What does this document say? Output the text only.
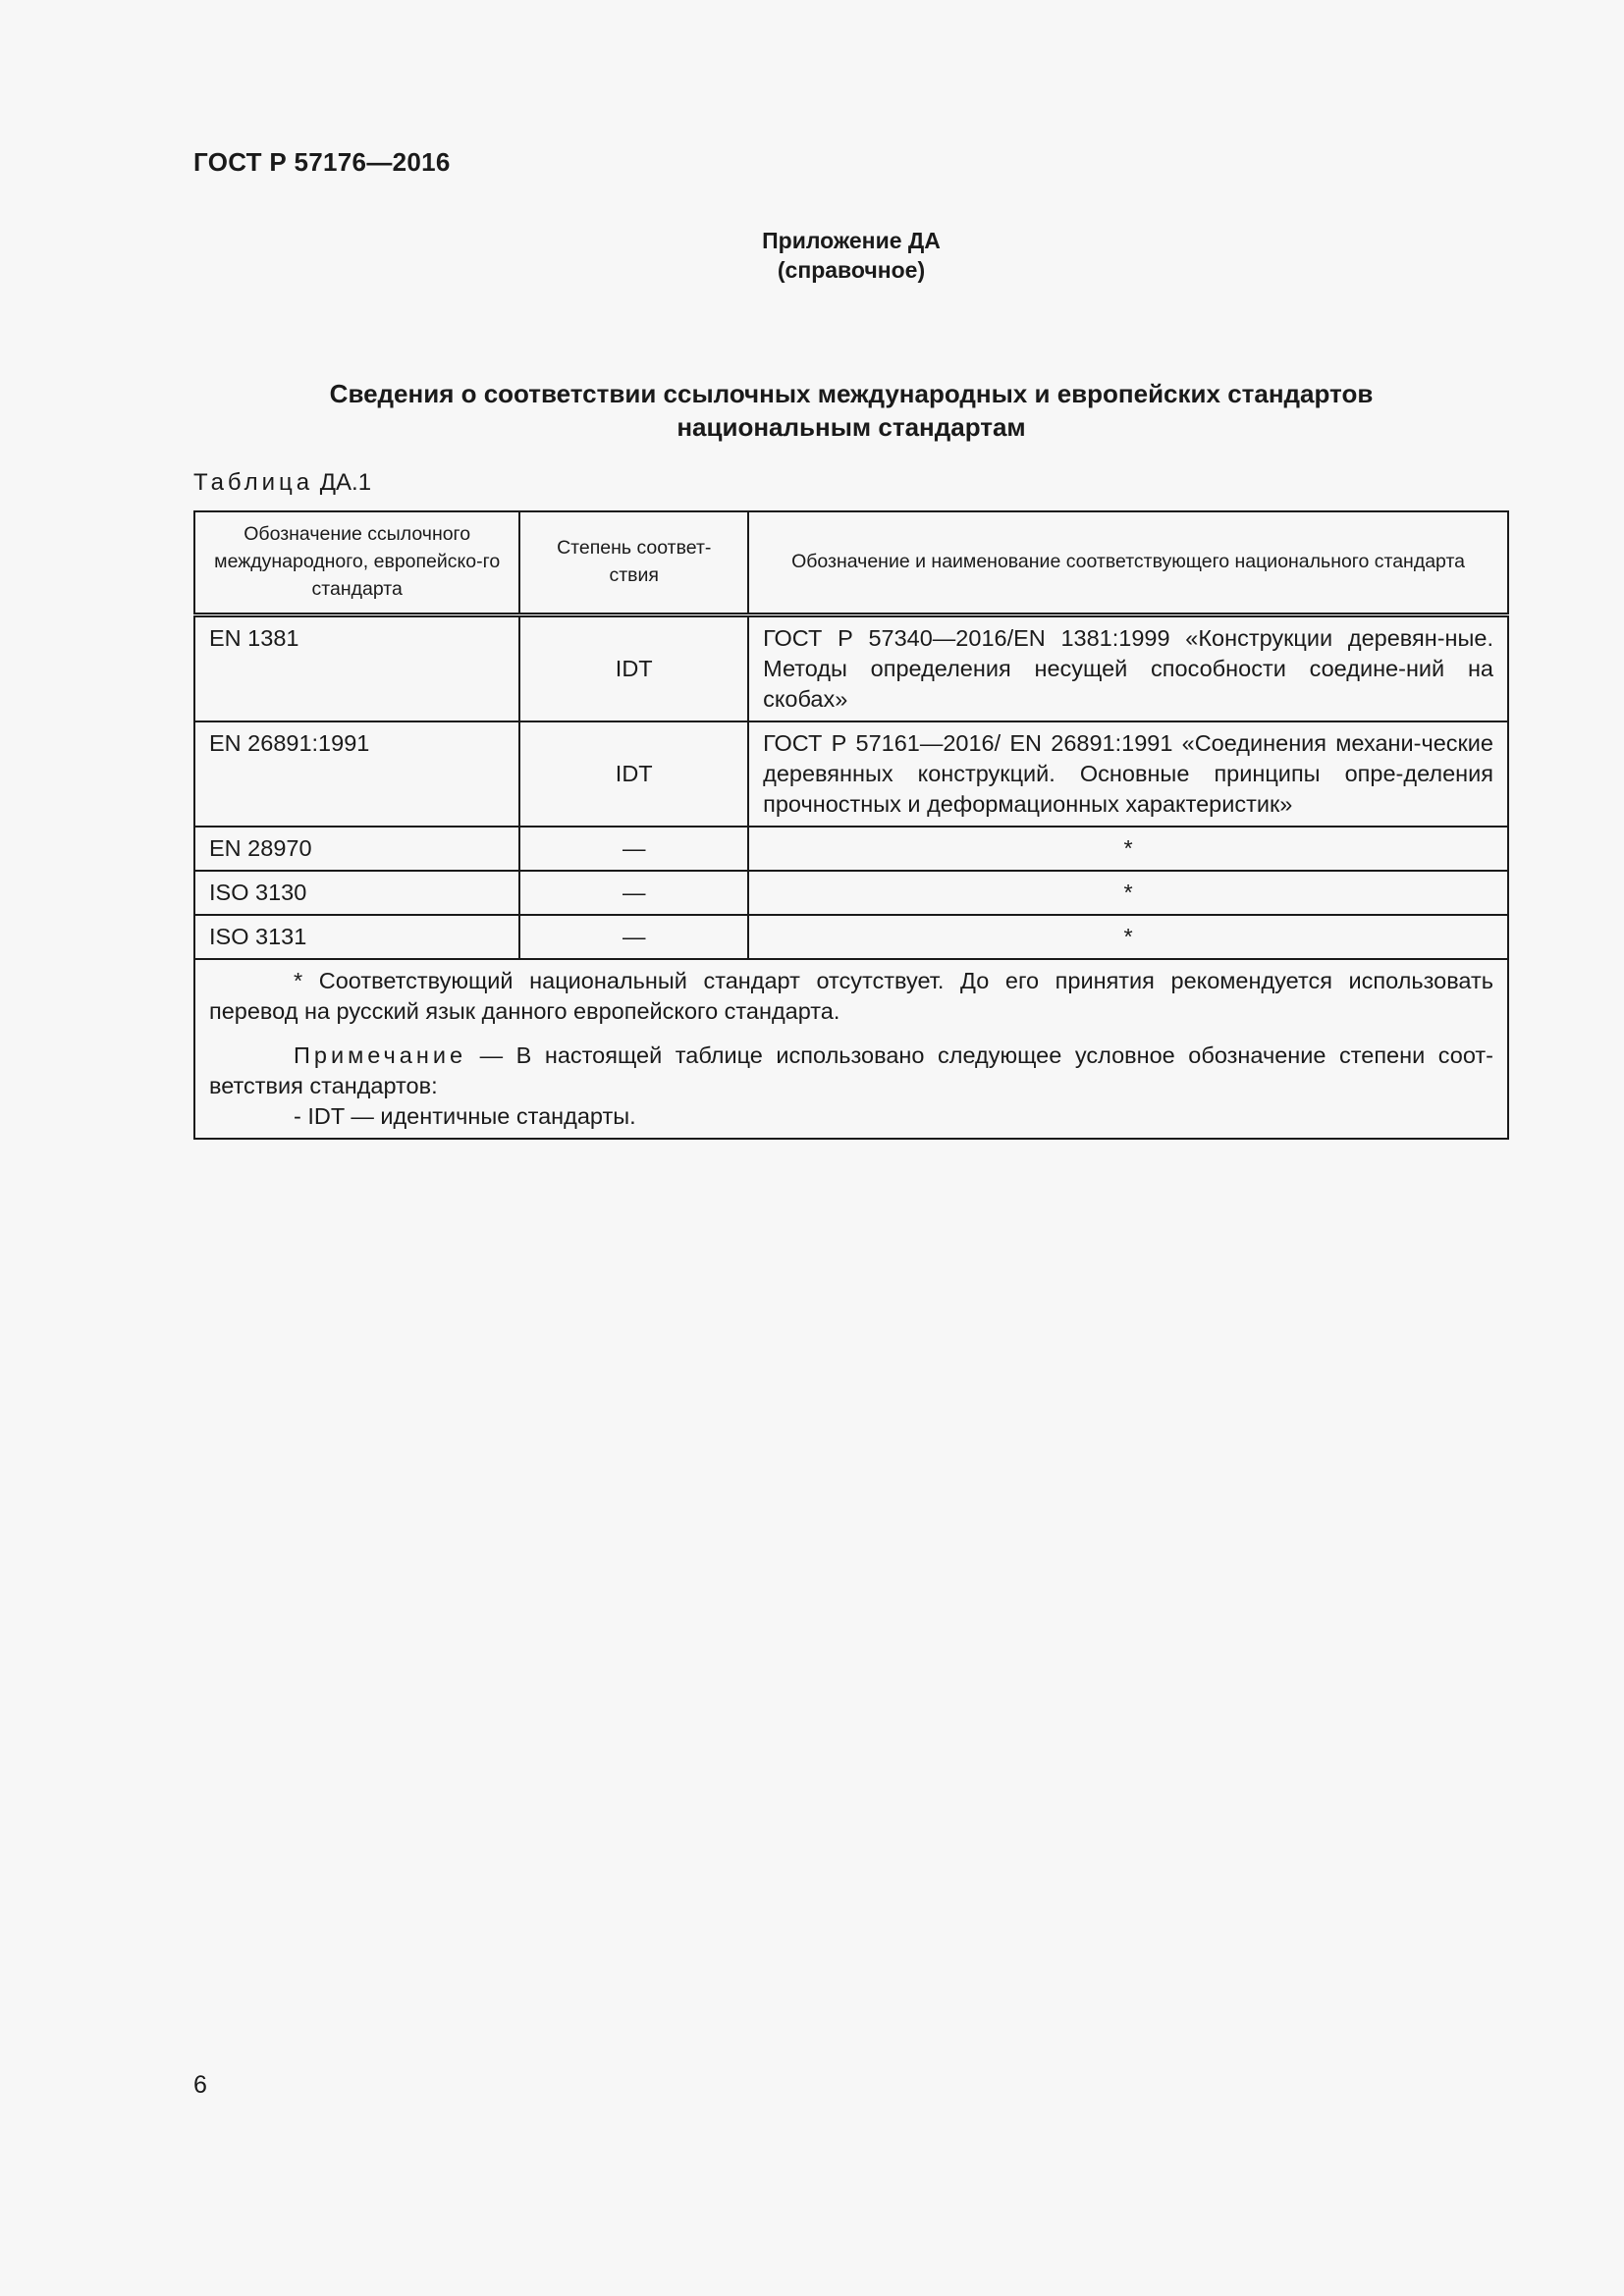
ГОСТ Р 57176—2016
Приложение ДА
(справочное)
Сведения о соответствии ссылочных международных и европейских стандартов
национальным стандартам
Таблица ДА.1
Обозначение ссылочного международного, европейско-го стандарта	Степень соответ-ствия	Обозначение и наименование соответствующего национального стандарта
EN 1381	IDT	ГОСТ Р 57340—2016/EN 1381:1999 «Конструкции деревян-ные. Методы определения несущей способности соедине-ний на скобах»
EN 26891:1991	IDT	ГОСТ Р 57161—2016/ EN 26891:1991 «Соединения механи-ческие деревянных конструкций. Основные принципы опре-деления прочностных и деформационных характеристик»
EN 28970	—	*
ISO 3130	—	*
ISO 3131	—	*

* Соответствующий национальный стандарт отсутствует. До его принятия рекомендуется использовать перевод на русский язык данного европейского стандарта.

Примечание — В настоящей таблице использовано следующее условное обозначение степени соот-ветствия стандартов:

- IDT — идентичные стандарты.		
6
